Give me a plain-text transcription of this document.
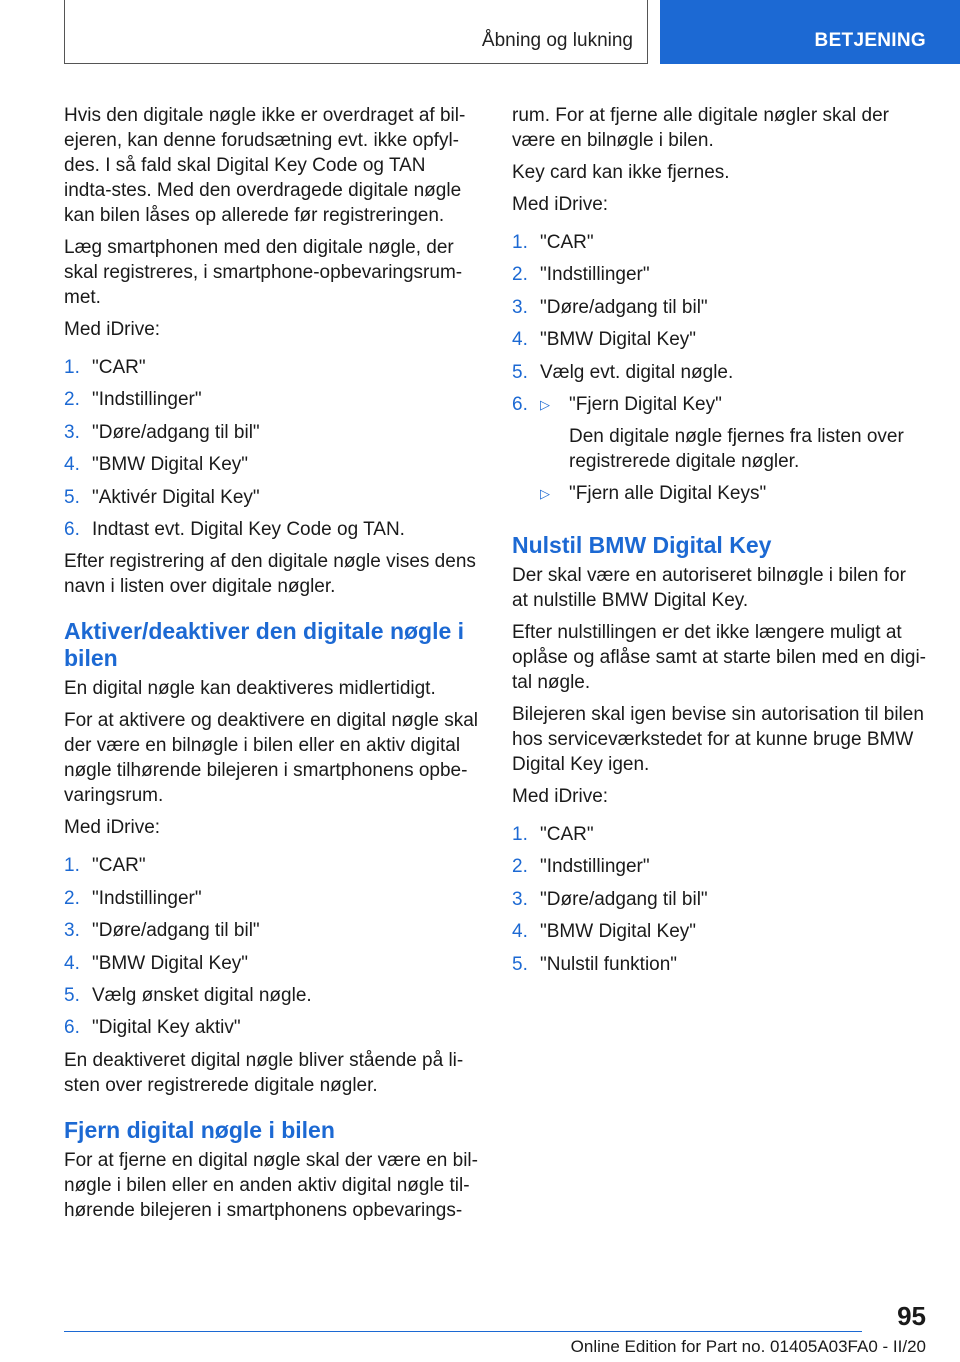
Åbning og lukning	BETJENING

Hvis den digitale nøgle ikke er overdraget af bil‐ejeren, kan denne forudsætning evt. ikke opfyl‐des. I så fald skal Digital Key Code og TAN indta‐stes. Med den overdragede digitale nøgle kan bilen låses op allerede før registreringen.

Læg smartphonen med den digitale nøgle, der skal registreres, i smartphone-opbevaringsrum‐met.

Med iDrive:

1. "CAR"
2. "Indstillinger"
3. "Døre/adgang til bil"
4. "BMW Digital Key"
5. "Aktivér Digital Key"
6. Indtast evt. Digital Key Code og TAN.

Efter registrering af den digitale nøgle vises dens navn i listen over digitale nøgler.

Aktiver/deaktiver den digitale nøgle i bilen

En digital nøgle kan deaktiveres midlertidigt.

For at aktivere og deaktivere en digital nøgle skal der være en bilnøgle i bilen eller en aktiv digital nøgle tilhørende bilejeren i smartphonens opbe‐varingsrum.

Med iDrive:

1. "CAR"
2. "Indstillinger"
3. "Døre/adgang til bil"
4. "BMW Digital Key"
5. Vælg ønsket digital nøgle.
6. "Digital Key aktiv"

En deaktiveret digital nøgle bliver stående på li‐sten over registrerede digitale nøgler.

Fjern digital nøgle i bilen

For at fjerne en digital nøgle skal der være en bil‐nøgle i bilen eller en anden aktiv digital nøgle til‐hørende bilejeren i smartphonens opbevarings‐

rum. For at fjerne alle digitale nøgler skal der være en bilnøgle i bilen.

Key card kan ikke fjernes.

Med iDrive:

1. "CAR"
2. "Indstillinger"
3. "Døre/adgang til bil"
4. "BMW Digital Key"
5. Vælg evt. digital nøgle.
6. ▷	"Fjern Digital Key"

Den digitale nøgle fjernes fra listen over registrerede digitale nøgler.

▷	"Fjern alle Digital Keys"
Nulstil BMW Digital Key

Der skal være en autoriseret bilnøgle i bilen for at nulstille BMW Digital Key.

Efter nulstillingen er det ikke længere muligt at oplåse og aflåse samt at starte bilen med en digi‐tal nøgle.

Bilejeren skal igen bevise sin autorisation til bilen hos serviceværkstedet for at kunne bruge BMW Digital Key igen.

Med iDrive:

1. "CAR"
2. "Indstillinger"
3. "Døre/adgang til bil"
4. "BMW Digital Key"
5. "Nulstil funktion"
95
Online Edition for Part no. 01405A03FA0 - II/20
